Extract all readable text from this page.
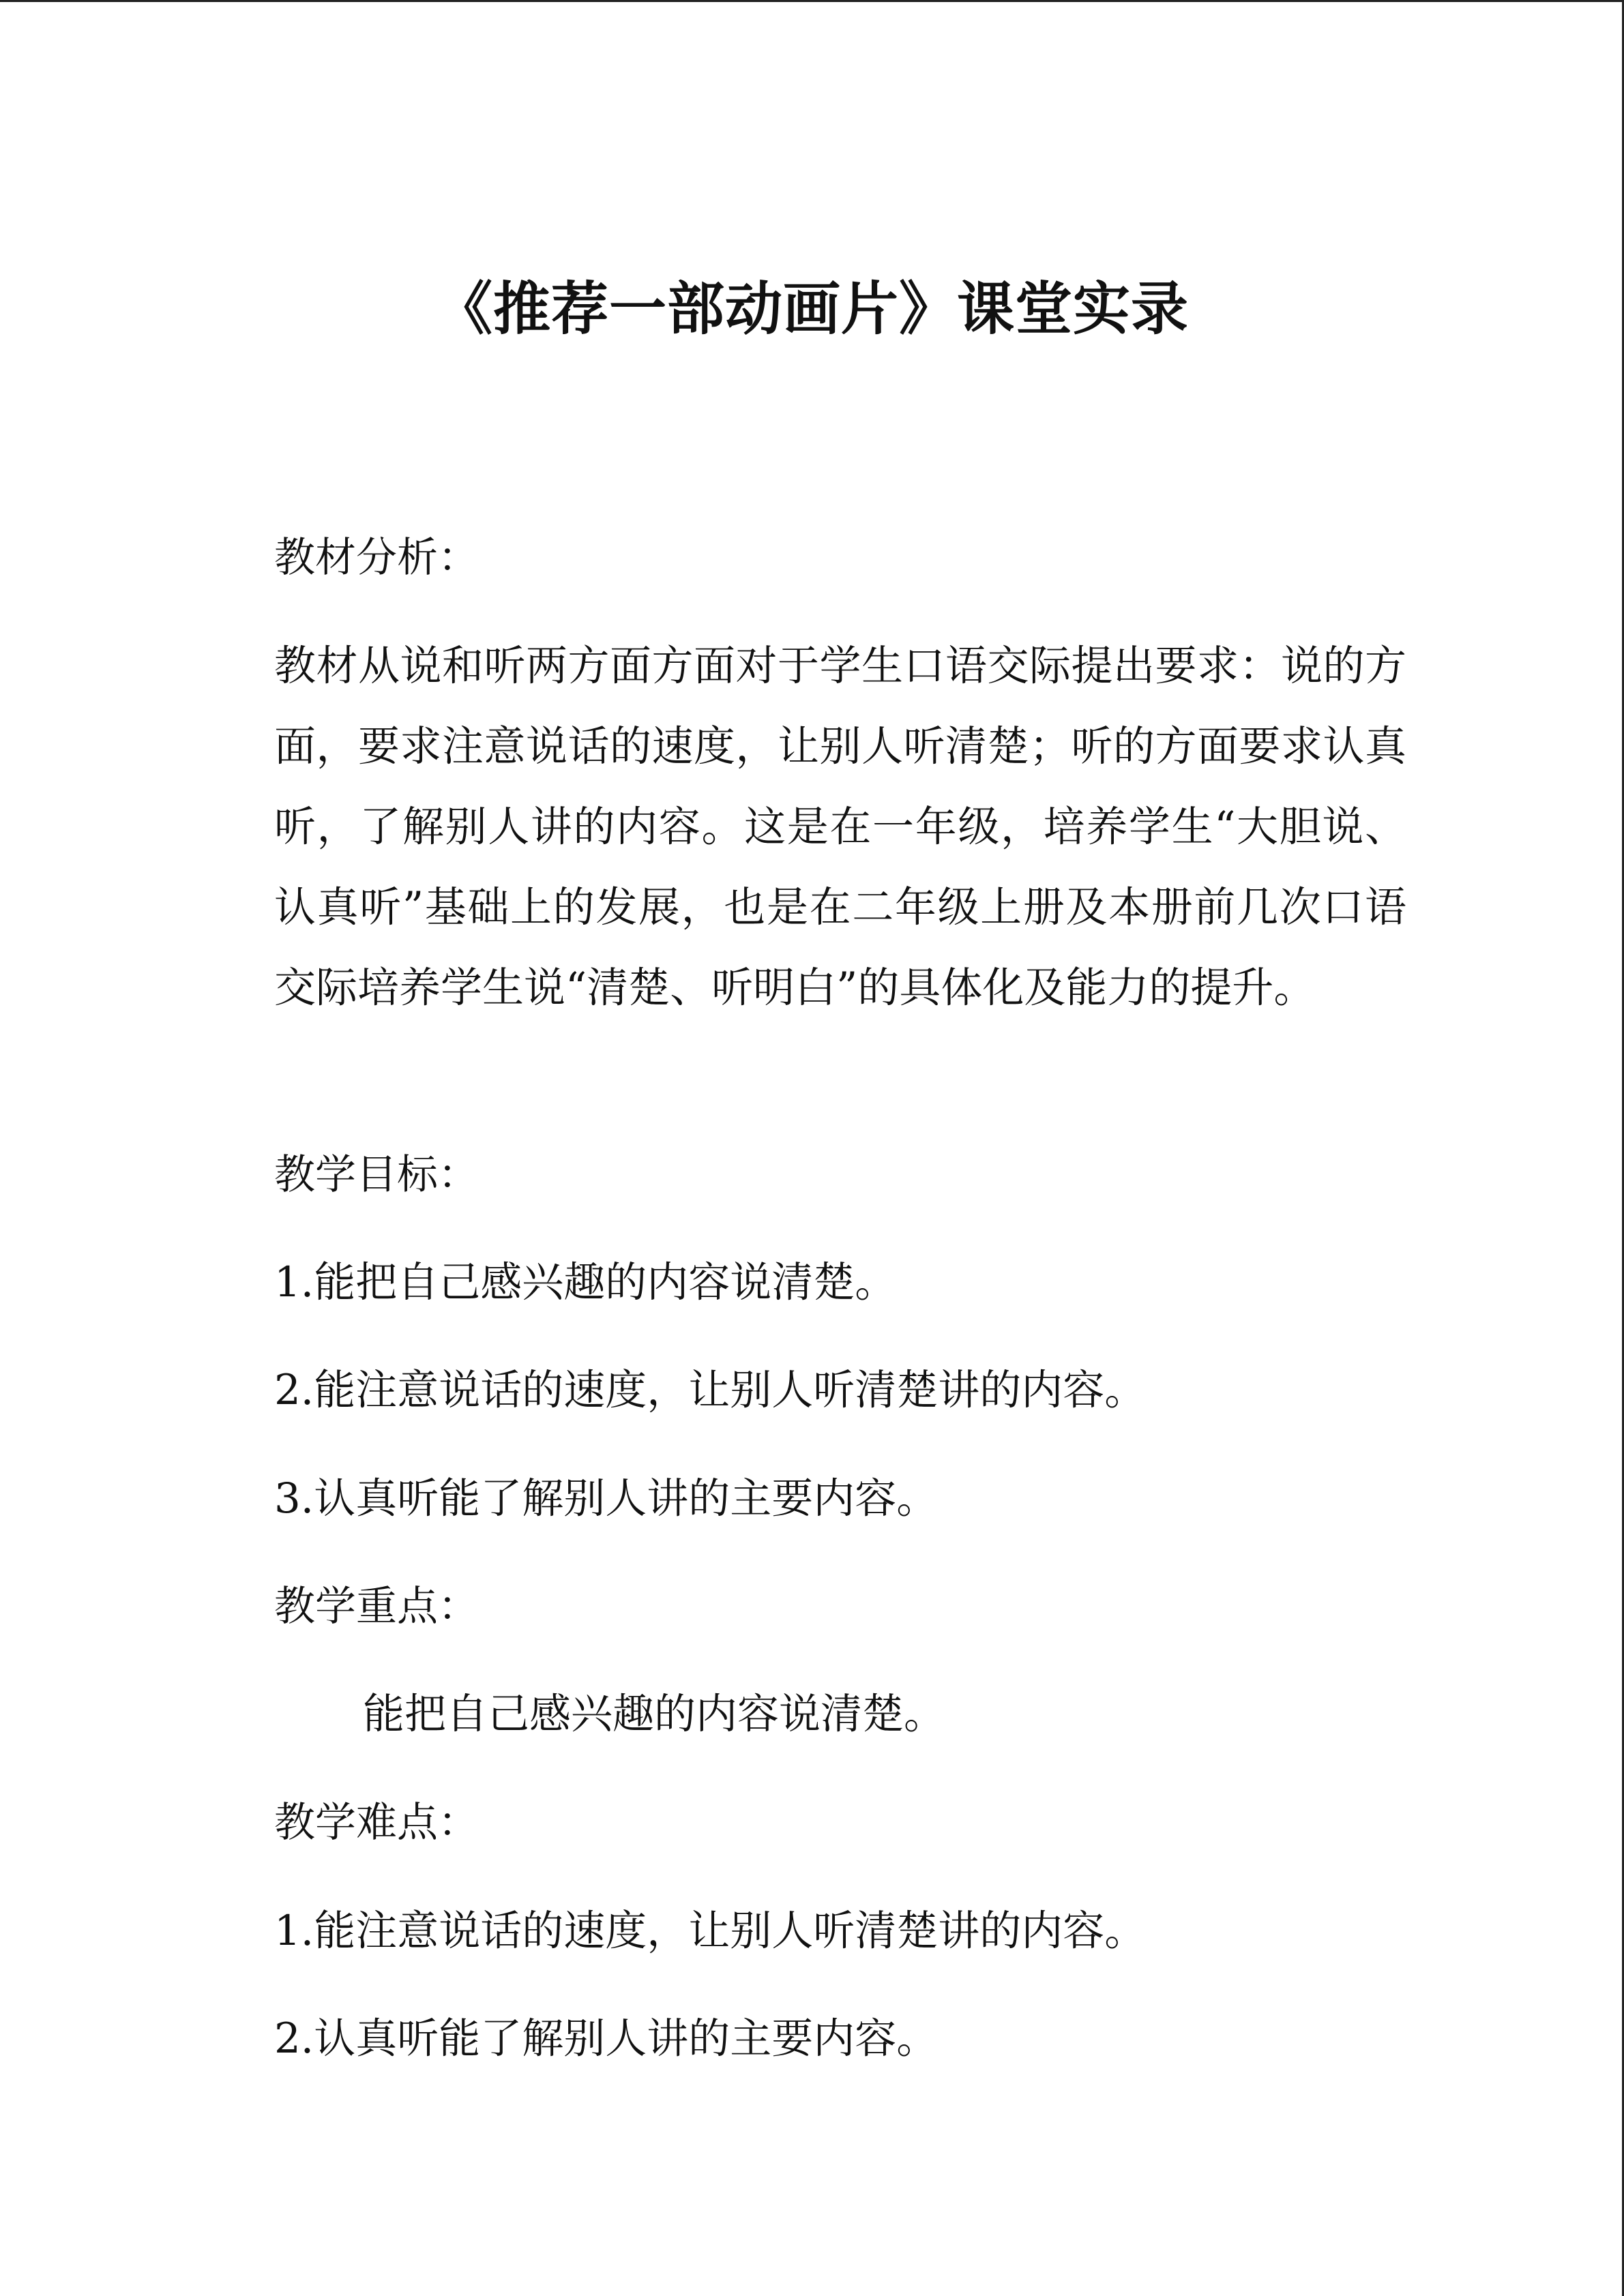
《推荐一部动画片》课堂实录
教材分析：

教材从说和听两方面方面对于学生口语交际提出要求：说的方面，要求注意说话的速度，让别人听清楚；听的方面要求认真听，了解别人讲的内容。这是在一年级，培养学生“大胆说、认真听”基础上的发展，也是在二年级上册及本册前几次口语交际培养学生说“清楚、听明白”的具体化及能力的提升。

教学目标：

1.能把自己感兴趣的内容说清楚。

2.能注意说话的速度，让别人听清楚讲的内容。

3.认真听能了解别人讲的主要内容。

教学重点：

能把自己感兴趣的内容说清楚。

教学难点：

1.能注意说话的速度，让别人听清楚讲的内容。

2.认真听能了解别人讲的主要内容。
